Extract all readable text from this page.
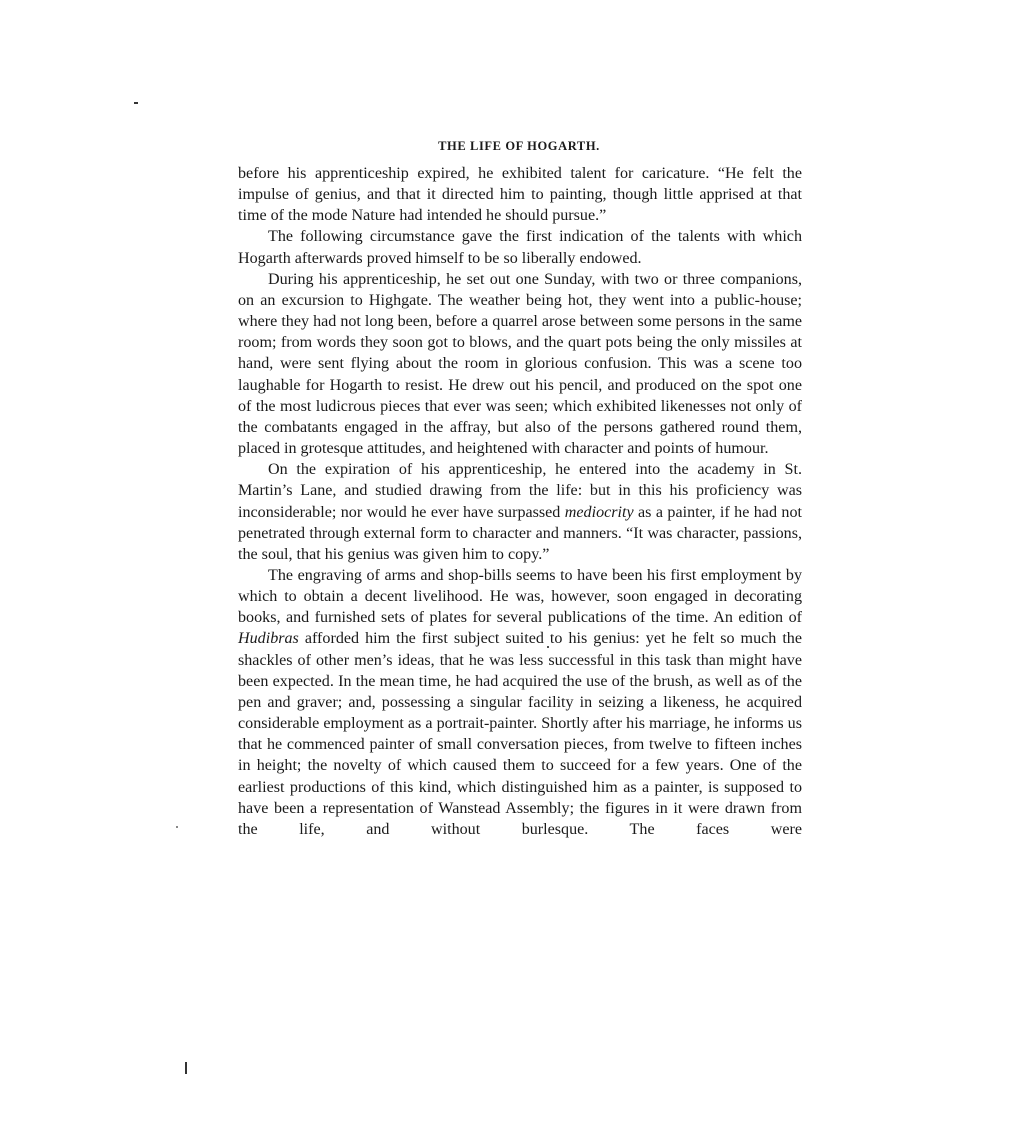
THE LIFE OF HOGARTH.

before his apprenticeship expired, he exhibited talent for caricature. “He felt the impulse of genius, and that it directed him to painting, though little apprised at that time of the mode Nature had intended he should pursue.”

The following circumstance gave the first indication of the talents with which Hogarth afterwards proved himself to be so liberally endowed.

During his apprenticeship, he set out one Sunday, with two or three companions, on an excursion to Highgate. The weather being hot, they went into a public-house; where they had not long been, before a quarrel arose between some persons in the same room; from words they soon got to blows, and the quart pots being the only missiles at hand, were sent flying about the room in glorious confusion. This was a scene too laughable for Hogarth to resist. He drew out his pencil, and produced on the spot one of the most ludicrous pieces that ever was seen; which exhibited likenesses not only of the combatants engaged in the affray, but also of the persons gathered round them, placed in grotesque attitudes, and heightened with character and points of humour.

On the expiration of his apprenticeship, he entered into the academy in St. Martin’s Lane, and studied drawing from the life: but in this his proficiency was inconsiderable; nor would he ever have surpassed mediocrity as a painter, if he had not penetrated through external form to character and manners. “It was character, passions, the soul, that his genius was given him to copy.”

The engraving of arms and shop-bills seems to have been his first employment by which to obtain a decent livelihood. He was, however, soon engaged in decorating books, and furnished sets of plates for several publications of the time. An edition of Hudibras afforded him the first subject suited to his genius: yet he felt so much the shackles of other men’s ideas, that he was less successful in this task than might have been expected. In the mean time, he had acquired the use of the brush, as well as of the pen and graver; and, possessing a singular facility in seizing a likeness, he acquired considerable employment as a portrait-painter. Shortly after his marriage, he informs us that he commenced painter of small conversation pieces, from twelve to fifteen inches in height; the novelty of which caused them to succeed for a few years. One of the earliest productions of this kind, which distinguished him as a painter, is supposed to have been a representation of Wanstead Assembly; the figures in it were drawn from the life, and without burlesque. The faces were
